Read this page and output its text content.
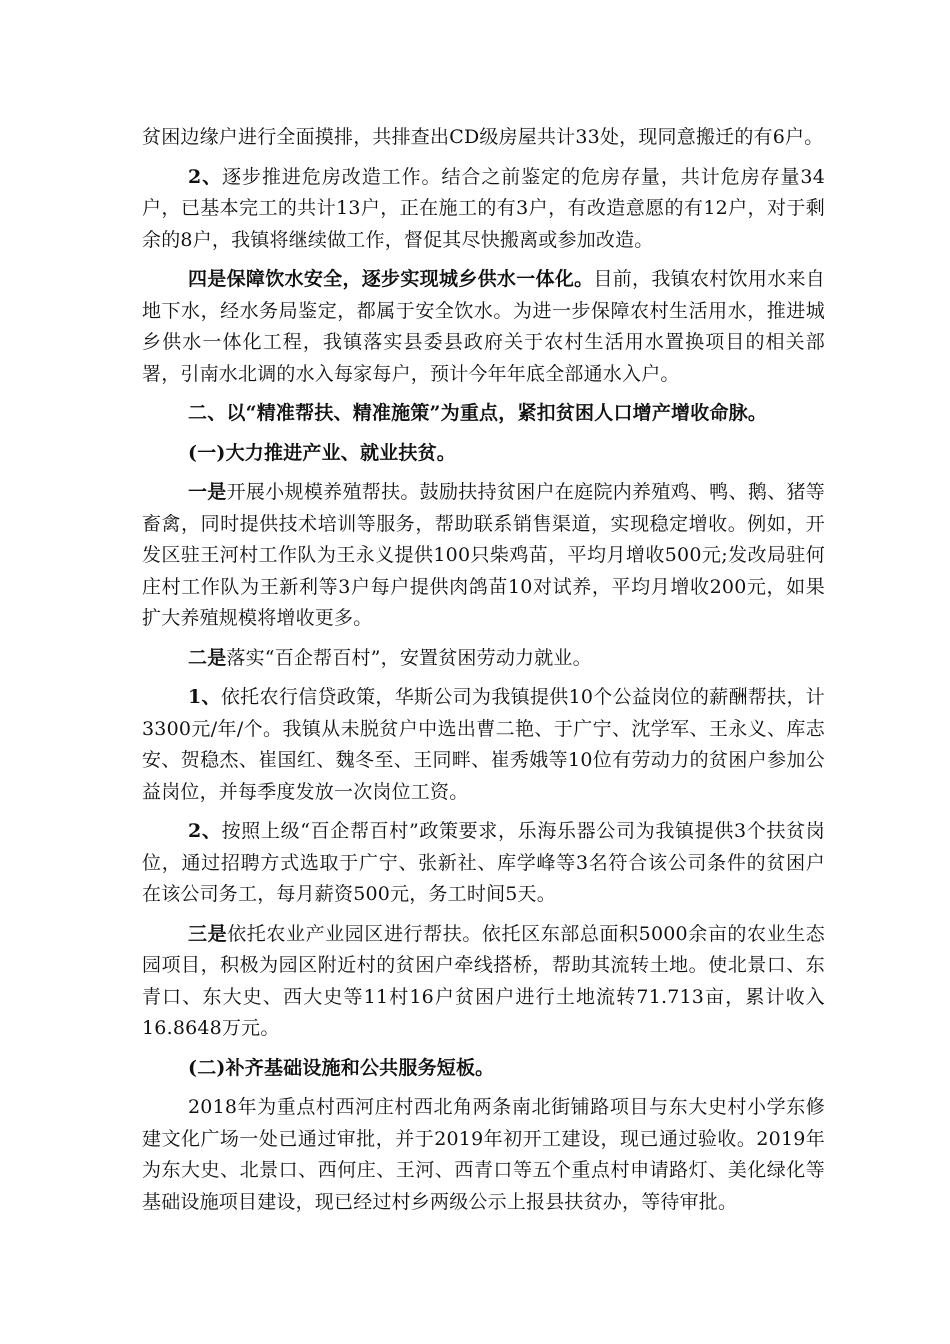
贫困边缘户进行全面摸排，共排查出CD级房屋共计33处，现同意搬迁的有6户。

2、逐步推进危房改造工作。结合之前鉴定的危房存量，共计危房存量34户，已基本完工的共计13户，正在施工的有3户，有改造意愿的有12户，对于剩余的8户，我镇将继续做工作，督促其尽快搬离或参加改造。

四是保障饮水安全，逐步实现城乡供水一体化。目前，我镇农村饮用水来自地下水，经水务局鉴定，都属于安全饮水。为进一步保障农村生活用水，推进城乡供水一体化工程，我镇落实县委县政府关于农村生活用水置换项目的相关部署，引南水北调的水入每家每户，预计今年年底全部通水入户。

二、以“精准帮扶、精准施策”为重点，紧扣贫困人口增产增收命脉。

(一)大力推进产业、就业扶贫。

一是开展小规模养殖帮扶。鼓励扶持贫困户在庭院内养殖鸡、鸭、鹅、猪等畜禽，同时提供技术培训等服务，帮助联系销售渠道，实现稳定增收。例如，开发区驻王河村工作队为王永义提供100只柴鸡苗，平均月增收500元;发改局驻何庄村工作队为王新利等3户每户提供肉鸽苗10对试养，平均月增收200元，如果扩大养殖规模将增收更多。

二是落实“百企帮百村”，安置贫困劳动力就业。

1、依托农行信贷政策，华斯公司为我镇提供10个公益岗位的薪酬帮扶，计3300元/年/个。我镇从未脱贫户中选出曹二艳、于广宁、沈学军、王永义、库志安、贺稳杰、崔国红、魏冬至、王同畔、崔秀娥等10位有劳动力的贫困户参加公益岗位，并每季度发放一次岗位工资。

2、按照上级“百企帮百村”政策要求，乐海乐器公司为我镇提供3个扶贫岗位，通过招聘方式选取于广宁、张新社、库学峰等3名符合该公司条件的贫困户在该公司务工，每月薪资500元，务工时间5天。

三是依托农业产业园区进行帮扶。依托区东部总面积5000余亩的农业生态园项目，积极为园区附近村的贫困户牵线搭桥，帮助其流转土地。使北景口、东青口、东大史、西大史等11村16户贫困户进行土地流转71.713亩，累计收入16.8648万元。

(二)补齐基础设施和公共服务短板。

2018年为重点村西河庄村西北角两条南北街铺路项目与东大史村小学东修建文化广场一处已通过审批，并于2019年初开工建设，现已通过验收。2019年为东大史、北景口、西何庄、王河、西青口等五个重点村申请路灯、美化绿化等基础设施项目建设，现已经过村乡两级公示上报县扶贫办，等待审批。
